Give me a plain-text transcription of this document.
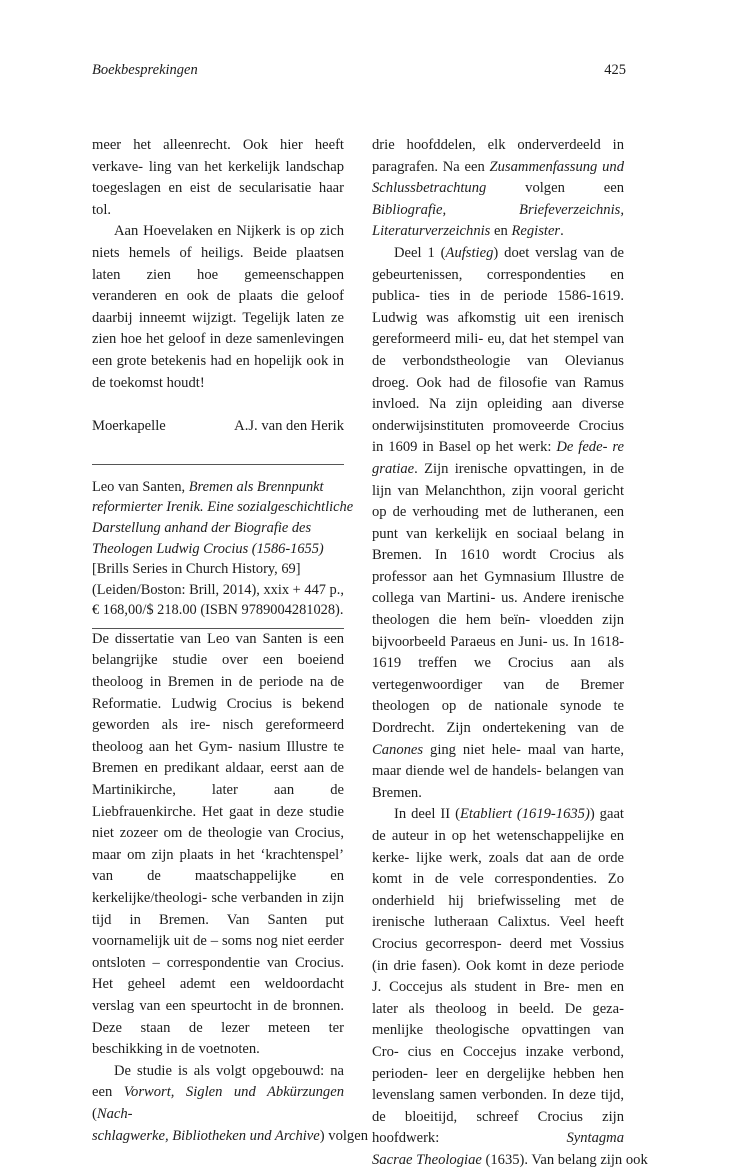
Boekbesprekingen	425

meer het alleenrecht. Ook hier heeft verkave- ling van het kerkelijk landschap toegeslagen en eist de secularisatie haar tol.

Aan Hoevelaken en Nijkerk is op zich niets hemels of heiligs. Beide plaatsen laten zien hoe gemeenschappen veranderen en ook de plaats die geloof daarbij inneemt wijzigt. Tegelijk laten ze zien hoe het geloof in deze samenlevingen een grote betekenis had en hopelijk ook in de toekomst houdt!

Moerkapelle	A.J. van den Herik
Leo van Santen, Bremen als Brennpunkt
reformierter Irenik. Eine sozialgeschichtliche
Darstellung anhand der Biografie des
Theologen Ludwig Crocius (1586-1655)
[Brills Series in Church History, 69]
(Leiden/Boston: Brill, 2014), xxix + 447 p.,
€ 168,00/$ 218.00 (ISBN 9789004281028).

De dissertatie van Leo van Santen is een belangrijke studie over een boeiend theoloog in Bremen in de periode na de Reformatie. Ludwig Crocius is bekend geworden als ire- nisch gereformeerd theoloog aan het Gym- nasium Illustre te Bremen en predikant aldaar, eerst aan de Martinikirche, later aan de Liebfrauenkirche. Het gaat in deze studie niet zozeer om de theologie van Crocius, maar om zijn plaats in het ‘krachtenspel’ van de maatschappelijke en kerkelijke/theologi- sche verbanden in zijn tijd in Bremen. Van Santen put voornamelijk uit de – soms nog niet eerder ontsloten – correspondentie van Crocius. Het geheel ademt een weldoordacht verslag van een speurtocht in de bronnen. Deze staan de lezer meteen ter beschikking in de voetnoten.

De studie is als volgt opgebouwd: na een Vorwort, Siglen und Abkürzungen (Nach- schlagwerke, Bibliotheken und Archive) volgen

drie hoofddelen, elk onderverdeeld in paragrafen. Na een Zusammenfassung und Schlussbetrachtung volgen een Bibliografie,	Briefeverzeichnis, Literaturverzeichnis en Register.

Deel 1 (Aufstieg) doet verslag van de gebeurtenissen, correspondenties en publica- ties in de periode 1586-1619. Ludwig was afkomstig uit een irenisch gereformeerd mili- eu, dat het stempel van de verbondstheologie van Olevianus droeg. Ook had de filosofie van Ramus invloed. Na zijn opleiding aan diverse onderwijsinstituten promoveerde Crocius in 1609 in Basel op het werk: De fede- re gratiae. Zijn irenische opvattingen, in de lijn van Melanchthon, zijn vooral gericht op de verhouding met de lutheranen, een punt van kerkelijk en sociaal belang in Bremen. In 1610 wordt Crocius als professor aan het Gymnasium Illustre de collega van Martini- us. Andere irenische theologen die hem beïn- vloedden zijn bijvoorbeeld Paraeus en Juni- us. In 1618-1619 treffen we Crocius aan als vertegenwoordiger van de Bremer theologen op de nationale synode te Dordrecht. Zijn ondertekening van de Canones ging niet hele- maal van harte, maar diende wel de handels- belangen van Bremen.

In deel II (Etabliert (1619-1635)) gaat de auteur in op het wetenschappelijke en kerke- lijke werk, zoals dat aan de orde komt in de vele correspondenties. Zo onderhield hij briefwisseling met de irenische lutheraan Calixtus. Veel heeft Crocius gecorrespon- deerd met Vossius (in drie fasen). Ook komt in deze periode J. Coccejus als student in Bre- men en later als theoloog in beeld. De geza- menlijke theologische opvattingen van Cro- cius en Coccejus inzake verbond, perioden- leer en dergelijke hebben hen levenslang samen verbonden. In deze tijd, de bloeitijd, schreef Crocius zijn hoofdwerk: Syntagma Sacrae Theologiae (1635). Van belang zijn ook
